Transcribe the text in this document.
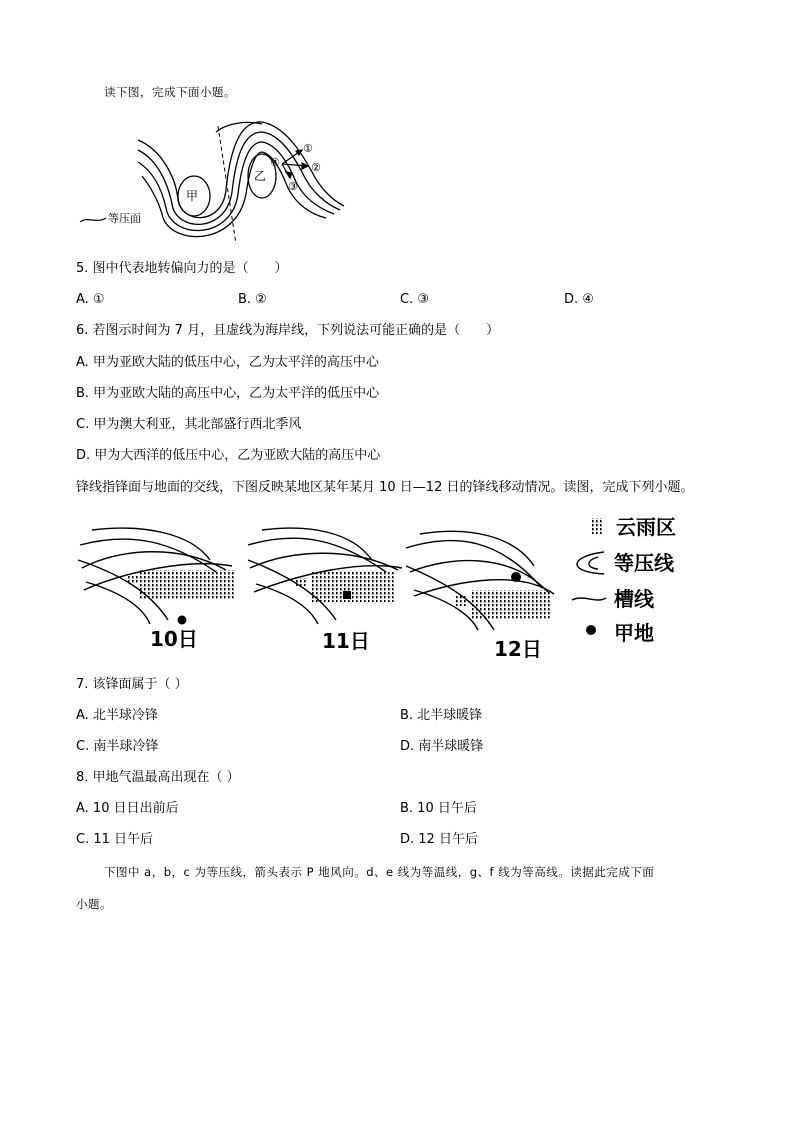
读下图，完成下面小题。
甲
乙
①
②
③
④
等压面
5. 图中代表地转偏向力的是（　　）
A. ①	B. ②	C. ③	D. ④
6. 若图示时间为 7 月，且虚线为海岸线，下列说法可能正确的是（　　）
A. 甲为亚欧大陆的低压中心，乙为太平洋的高压中心
B. 甲为亚欧大陆的高压中心，乙为太平洋的低压中心
C. 甲为澳大利亚，其北部盛行西北季风
D. 甲为大西洋的低压中心，乙为亚欧大陆的高压中心
锋线指锋面与地面的交线，下图反映某地区某年某月 10 日—12 日的锋线移动情况。读图，完成下列小题。
10日	11日	12日
云雨区
等压线
槽线
甲地
7. 该锋面属于（ ）
A. 北半球冷锋	B. 北半球暖锋
C. 南半球冷锋	D. 南半球暖锋
8. 甲地气温最高出现在（ ）
A. 10 日日出前后	B. 10 日午后
C. 11 日午后	D. 12 日午后
下图中 a，b，c 为等压线，箭头表示 P 地风向。d、e 线为等温线，g、f 线为等高线。读据此完成下面
小题。
